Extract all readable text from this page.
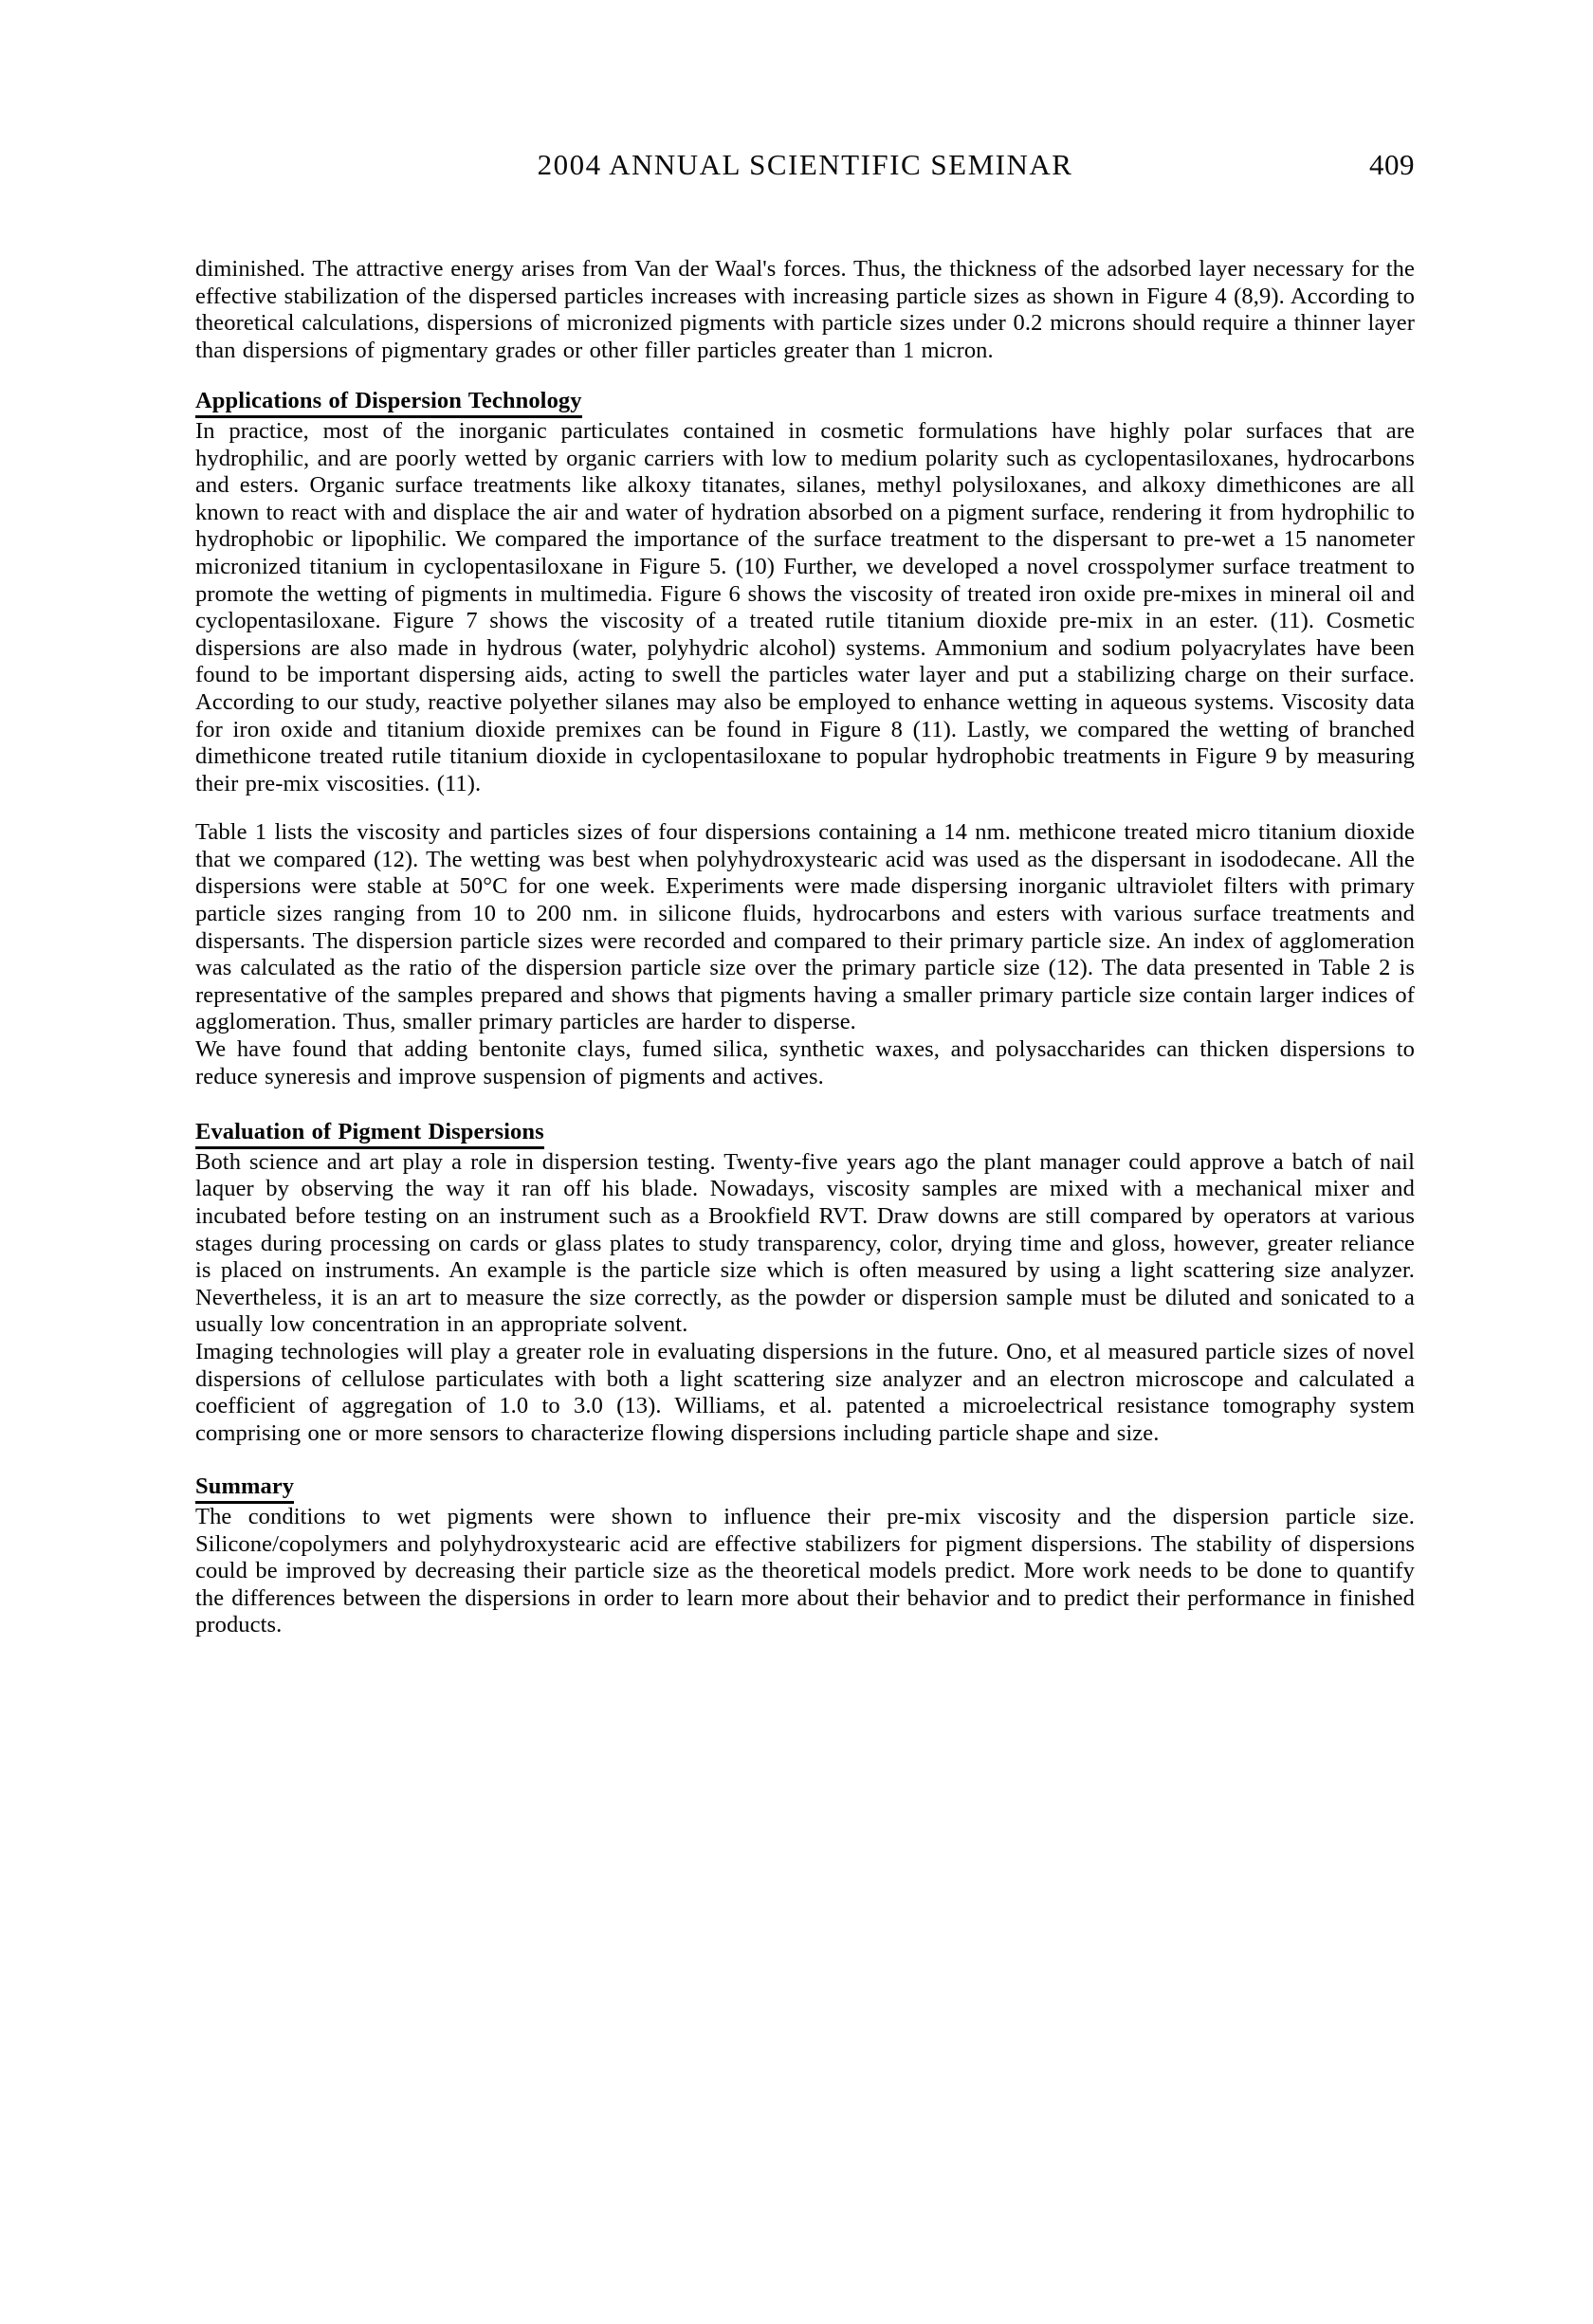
2004 ANNUAL SCIENTIFIC SEMINAR	409

diminished. The attractive energy arises from Van der Waal's forces. Thus, the thickness of the adsorbed layer necessary for the effective stabilization of the dispersed particles increases with increasing particle sizes as shown in Figure 4 (8,9). According to theoretical calculations, dispersions of micronized pigments with particle sizes under 0.2 microns should require a thinner layer than dispersions of pigmentary grades or other filler particles greater than 1 micron.

Applications of Dispersion Technology

In practice, most of the inorganic particulates contained in cosmetic formulations have highly polar surfaces that are hydrophilic, and are poorly wetted by organic carriers with low to medium polarity such as cyclopentasiloxanes, hydrocarbons and esters. Organic surface treatments like alkoxy titanates, silanes, methyl polysiloxanes, and alkoxy dimethicones are all known to react with and displace the air and water of hydration absorbed on a pigment surface, rendering it from hydrophilic to hydrophobic or lipophilic. We compared the importance of the surface treatment to the dispersant to pre-wet a 15 nanometer micronized titanium in cyclopentasiloxane in Figure 5. (10) Further, we developed a novel crosspolymer surface treatment to promote the wetting of pigments in multimedia. Figure 6 shows the viscosity of treated iron oxide pre-mixes in mineral oil and cyclopentasiloxane. Figure 7 shows the viscosity of a treated rutile titanium dioxide pre-mix in an ester. (11). Cosmetic dispersions are also made in hydrous (water, polyhydric alcohol) systems. Ammonium and sodium polyacrylates have been found to be important dispersing aids, acting to swell the particles water layer and put a stabilizing charge on their surface. According to our study, reactive polyether silanes may also be employed to enhance wetting in aqueous systems. Viscosity data for iron oxide and titanium dioxide premixes can be found in Figure 8 (11). Lastly, we compared the wetting of branched dimethicone treated rutile titanium dioxide in cyclopentasiloxane to popular hydrophobic treatments in Figure 9 by measuring their pre-mix viscosities. (11).

Table 1 lists the viscosity and particles sizes of four dispersions containing a 14 nm. methicone treated micro titanium dioxide that we compared (12). The wetting was best when polyhydroxystearic acid was used as the dispersant in isododecane. All the dispersions were stable at 50°C for one week. Experiments were made dispersing inorganic ultraviolet filters with primary particle sizes ranging from 10 to 200 nm. in silicone fluids, hydrocarbons and esters with various surface treatments and dispersants. The dispersion particle sizes were recorded and compared to their primary particle size. An index of agglomeration was calculated as the ratio of the dispersion particle size over the primary particle size (12). The data presented in Table 2 is representative of the samples prepared and shows that pigments having a smaller primary particle size contain larger indices of agglomeration. Thus, smaller primary particles are harder to disperse.

We have found that adding bentonite clays, fumed silica, synthetic waxes, and polysaccharides can thicken dispersions to reduce syneresis and improve suspension of pigments and actives.

Evaluation of Pigment Dispersions

Both science and art play a role in dispersion testing. Twenty-five years ago the plant manager could approve a batch of nail laquer by observing the way it ran off his blade. Nowadays, viscosity samples are mixed with a mechanical mixer and incubated before testing on an instrument such as a Brookfield RVT. Draw downs are still compared by operators at various stages during processing on cards or glass plates to study transparency, color, drying time and gloss, however, greater reliance is placed on instruments. An example is the particle size which is often measured by using a light scattering size analyzer. Nevertheless, it is an art to measure the size correctly, as the powder or dispersion sample must be diluted and sonicated to a usually low concentration in an appropriate solvent.

Imaging technologies will play a greater role in evaluating dispersions in the future. Ono, et al measured particle sizes of novel dispersions of cellulose particulates with both a light scattering size analyzer and an electron microscope and calculated a coefficient of aggregation of 1.0 to 3.0 (13). Williams, et al. patented a microelectrical resistance tomography system comprising one or more sensors to characterize flowing dispersions including particle shape and size.

Summary

The conditions to wet pigments were shown to influence their pre-mix viscosity and the dispersion particle size. Silicone/copolymers and polyhydroxystearic acid are effective stabilizers for pigment dispersions. The stability of dispersions could be improved by decreasing their particle size as the theoretical models predict. More work needs to be done to quantify the differences between the dispersions in order to learn more about their behavior and to predict their performance in finished products.
